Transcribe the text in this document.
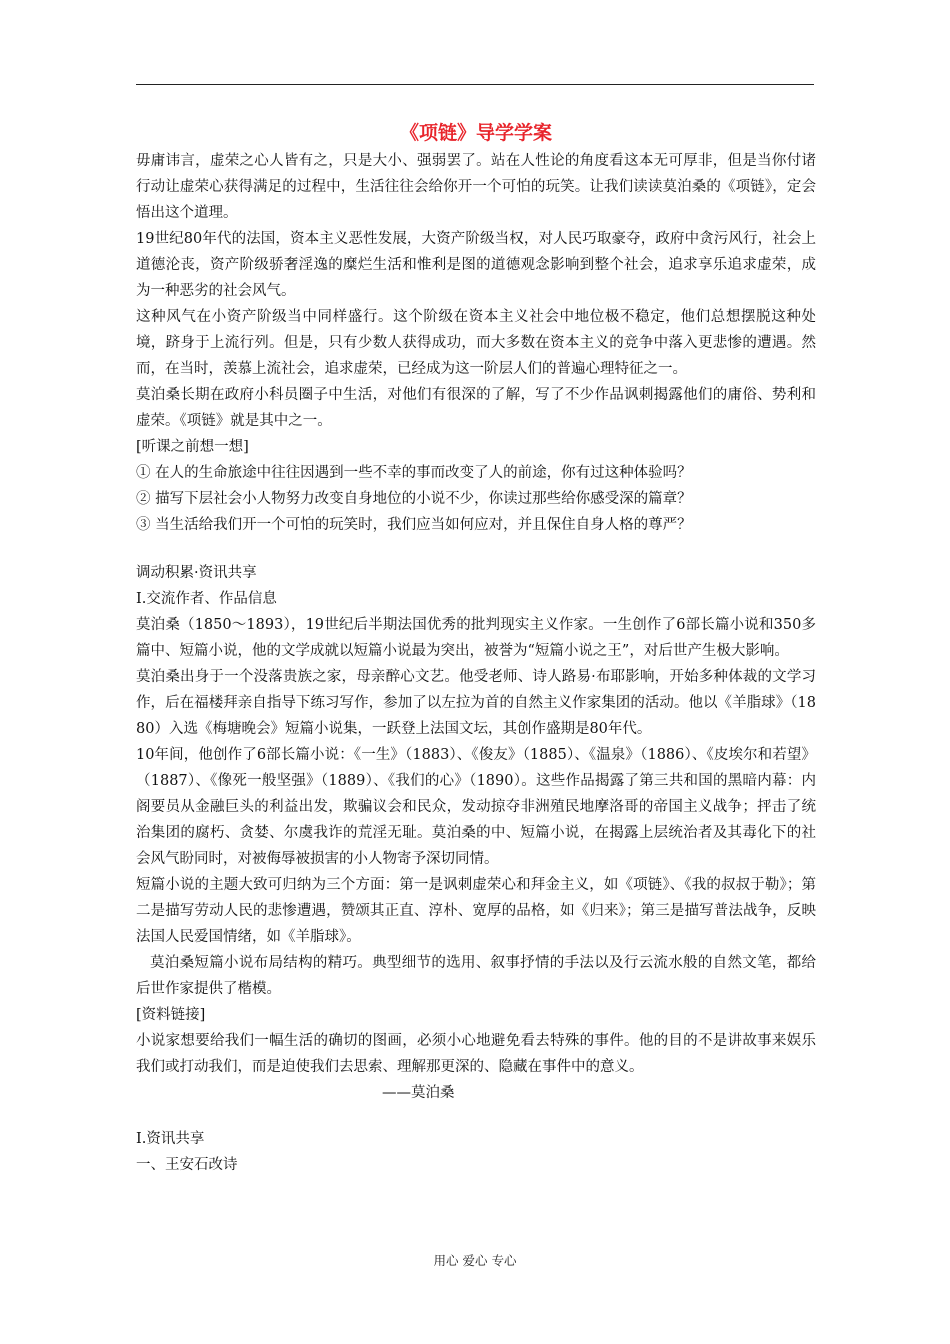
《项链》导学学案

毋庸讳言，虚荣之心人皆有之，只是大小、强弱罢了。站在人性论的角度看这本无可厚非，但是当你付诸行动让虚荣心获得满足的过程中，生活往往会给你开一个可怕的玩笑。让我们读读莫泊桑的《项链》，定会悟出这个道理。

19世纪80年代的法国，资本主义恶性发展，大资产阶级当权，对人民巧取豪夺，政府中贪污风行，社会上道德沦丧，资产阶级骄奢淫逸的糜烂生活和惟利是图的道德观念影响到整个社会，追求享乐追求虚荣，成为一种恶劣的社会风气。

这种风气在小资产阶级当中同样盛行。这个阶级在资本主义社会中地位极不稳定，他们总想摆脱这种处境，跻身于上流行列。但是，只有少数人获得成功，而大多数在资本主义的竞争中落入更悲惨的遭遇。然而，在当时，羡慕上流社会，追求虚荣，已经成为这一阶层人们的普遍心理特征之一。

莫泊桑长期在政府小科员圈子中生活，对他们有很深的了解，写了不少作品讽刺揭露他们的庸俗、势利和虚荣。《项链》就是其中之一。

[听课之前想一想]

① 在人的生命旅途中往往因遇到一些不幸的事而改变了人的前途，你有过这种体验吗？

② 描写下层社会小人物努力改变自身地位的小说不少，你读过那些给你感受深的篇章？

③ 当生活给我们开一个可怕的玩笑时，我们应当如何应对，并且保住自身人格的尊严？

调动积累·资讯共享

Ⅰ.交流作者、作品信息

莫泊桑（1850～1893），19世纪后半期法国优秀的批判现实主义作家。一生创作了6部长篇小说和350多篇中、短篇小说，他的文学成就以短篇小说最为突出，被誉为“短篇小说之王”，对后世产生极大影响。

莫泊桑出身于一个没落贵族之家，母亲醉心文艺。他受老师、诗人路易·布耶影响，开始多种体裁的文学习作，后在福楼拜亲自指导下练习写作，参加了以左拉为首的自然主义作家集团的活动。他以《羊脂球》（1880）入选《梅塘晚会》短篇小说集，一跃登上法国文坛，其创作盛期是80年代。

10年间，他创作了6部长篇小说：《一生》（1883）、《俊友》（1885）、《温泉》（1886）、《皮埃尔和若望》（1887）、《像死一般坚强》（1889）、《我们的心》（1890）。这些作品揭露了第三共和国的黑暗内幕：内阁要员从金融巨头的利益出发，欺骗议会和民众，发动掠夺非洲殖民地摩洛哥的帝国主义战争；抨击了统治集团的腐朽、贪婪、尔虞我诈的荒淫无耻。莫泊桑的中、短篇小说，在揭露上层统治者及其毒化下的社会风气盼同时，对被侮辱被损害的小人物寄予深切同情。

短篇小说的主题大致可归纳为三个方面：第一是讽刺虚荣心和拜金主义，如《项链》、《我的叔叔于勒》；第二是描写劳动人民的悲惨遭遇，赞颂其正直、淳朴、宽厚的品格，如《归来》；第三是描写普法战争，反映法国人民爱国情绪，如《羊脂球》。

莫泊桑短篇小说布局结构的精巧。典型细节的选用、叙事抒情的手法以及行云流水般的自然文笔，都给后世作家提供了楷模。

[资料链接]

小说家想要给我们一幅生活的确切的图画，必须小心地避免看去特殊的事件。他的目的不是讲故事来娱乐我们或打动我们，而是迫使我们去思索、理解那更深的、隐藏在事件中的意义。

——莫泊桑

Ⅰ.资讯共享

一、王安石改诗

用心 爱心 专心
